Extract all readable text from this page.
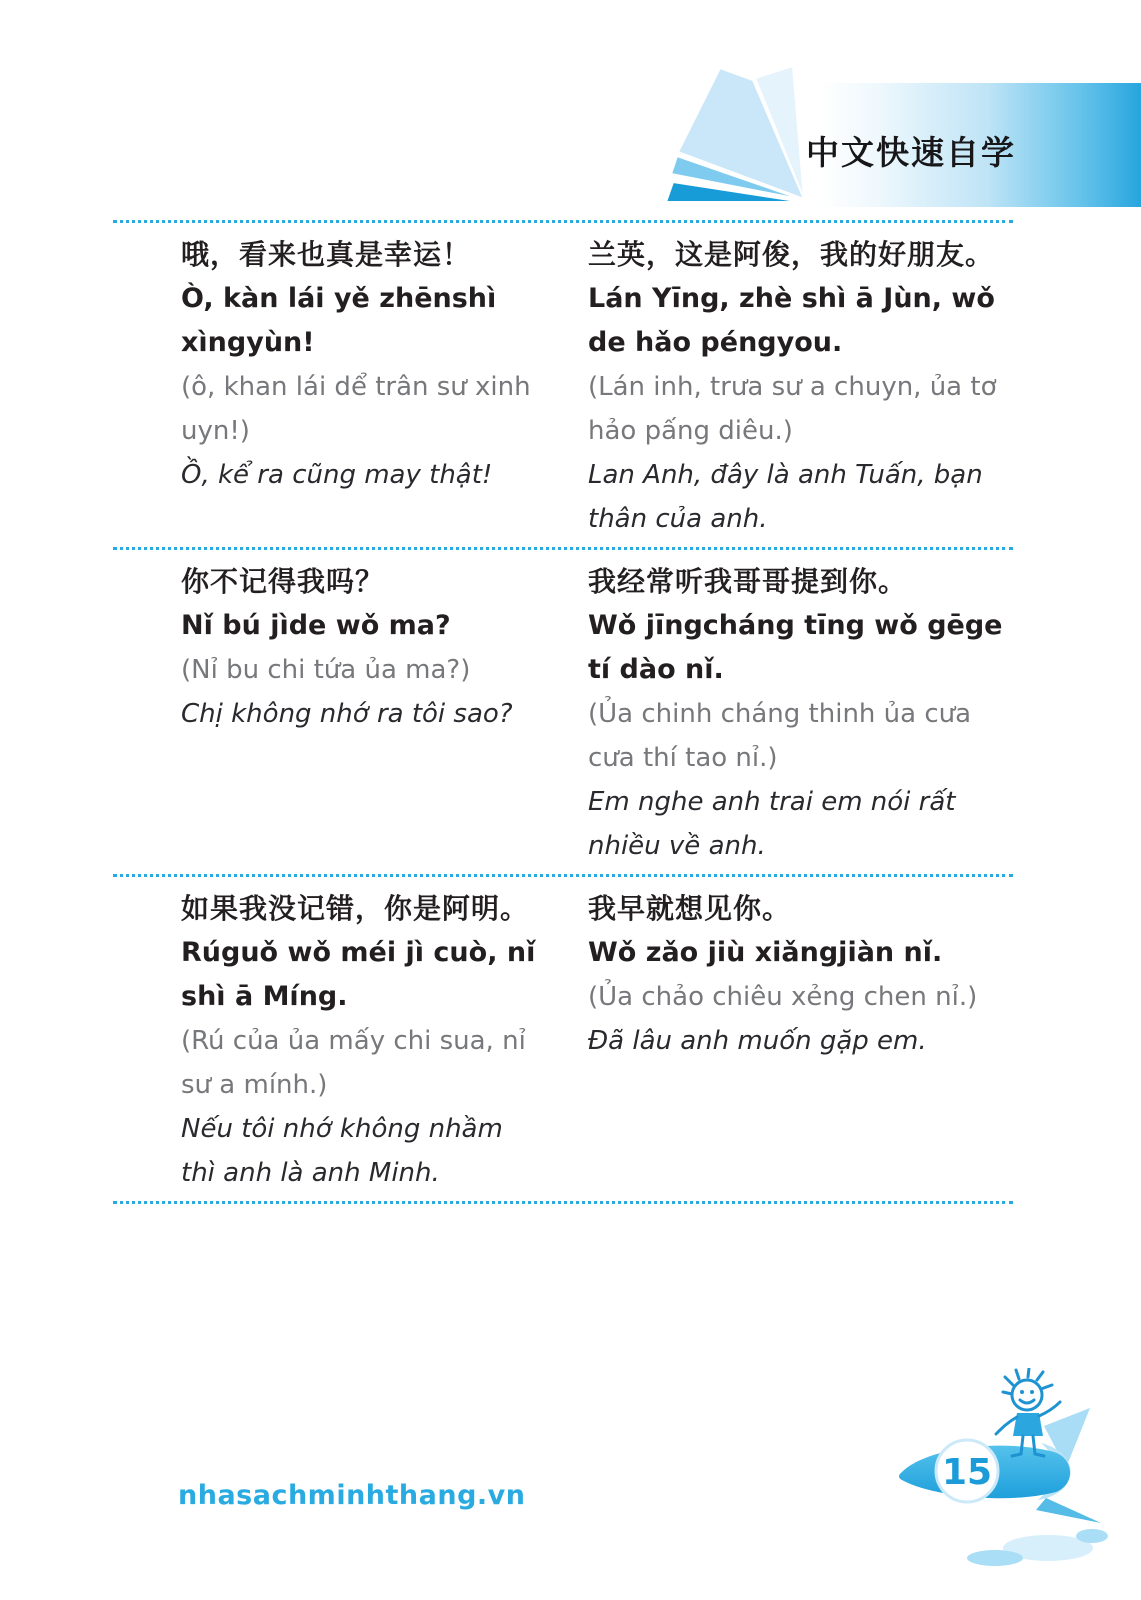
中文快速自学

哦，看来也真是幸运！

Ò, kàn lái yě zhēnshì xìngyùn!

(ô, khan lái dể trân sư xinh uyn!)

Ồ, kể ra cũng may thật!

兰英，这是阿俊，我的好朋友。

Lán Yīng, zhè shì ā Jùn, wǒ de hǎo péngyou.

(Lán inh, trưa sư a chuyn, ủa tơ hảo pấng diêu.)

Lan Anh, đây là anh Tuấn, bạn thân của anh.

你不记得我吗？

Nǐ bú jìde wǒ ma?

(Nỉ bu chi tứa ủa ma?)

Chị không nhớ ra tôi sao?

我经常听我哥哥提到你。

Wǒ jīngcháng tīng wǒ gēge tí dào nǐ.

(Ủa chinh cháng thinh ủa cưa cưa thí tao nỉ.)

Em nghe anh trai em nói rất nhiều về anh.

如果我没记错，你是阿明。

Rúguǒ wǒ méi jì cuò, nǐ shì ā Míng.

(Rú của ủa mấy chi sua, nỉ sư a mính.)

Nếu tôi nhớ không nhầm thì anh là anh Minh.

我早就想见你。

Wǒ zǎo jiù xiǎngjiàn nǐ.

(Ủa chảo chiêu xẻng chen nỉ.)

Đã lâu anh muốn gặp em.

nhasachminhthang.vn
15
